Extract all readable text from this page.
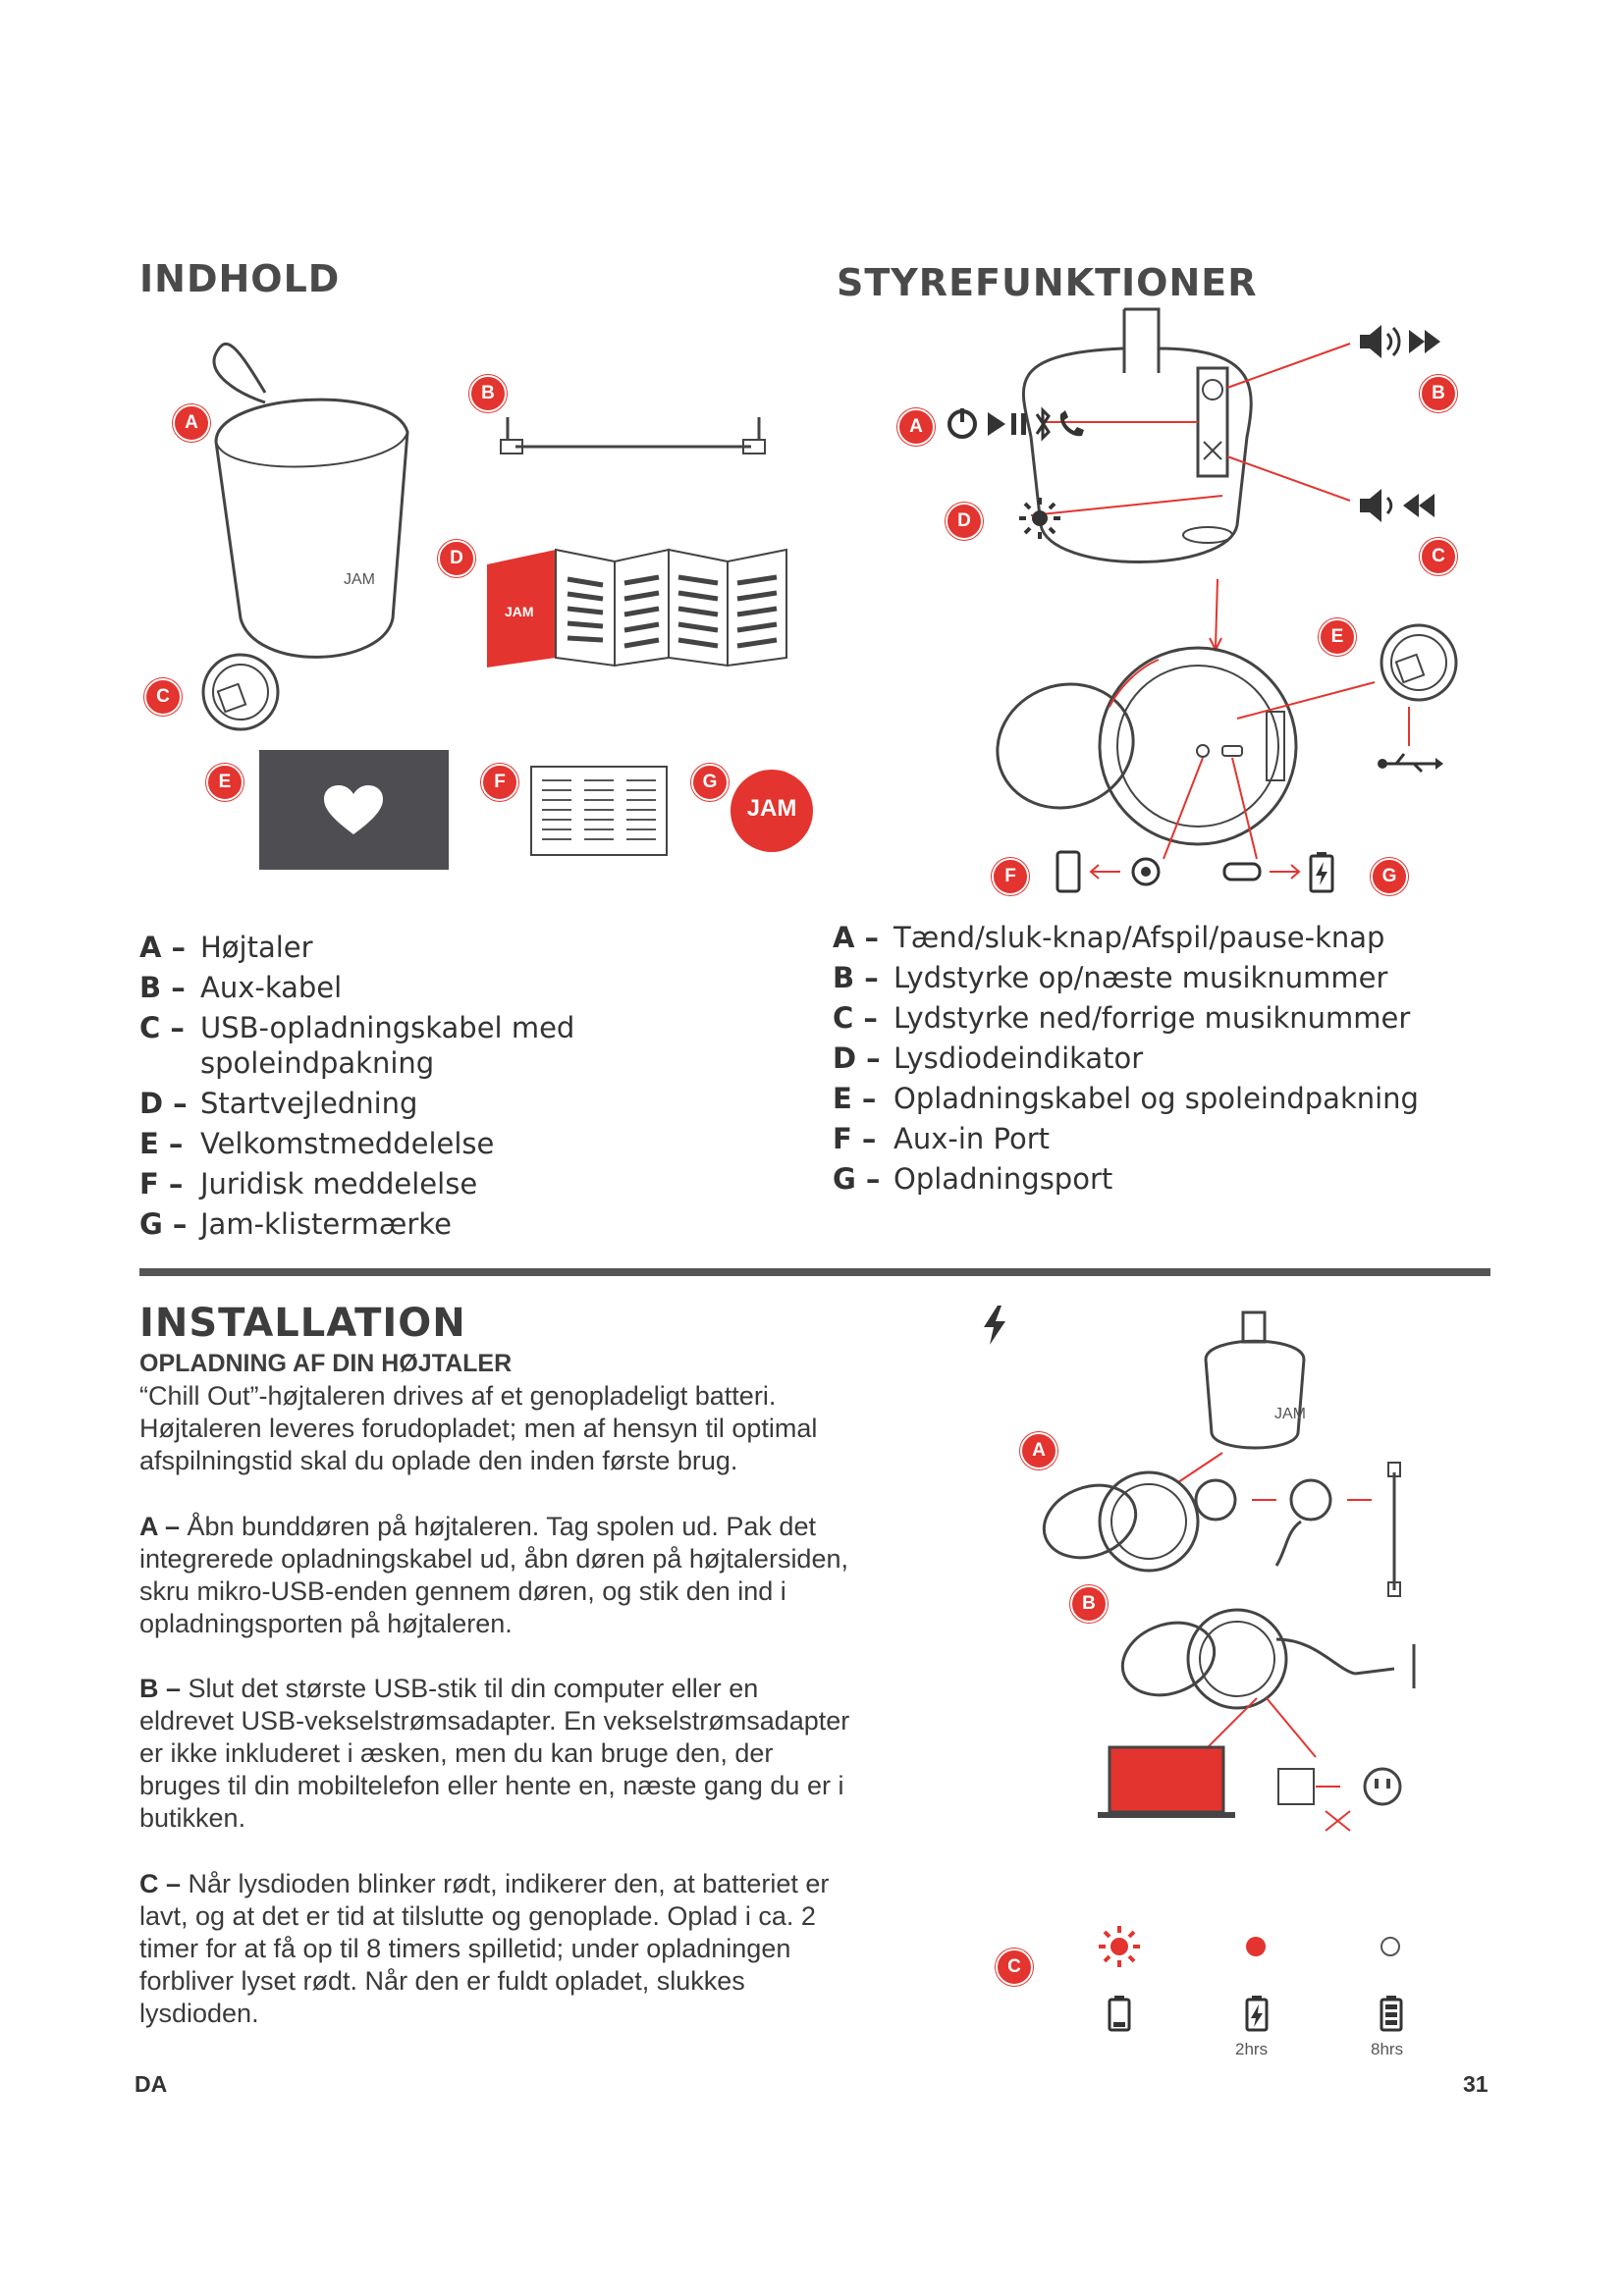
INDHOLD
JAM
A
B
JAM
D
C
E	F
JAM
G
A – Højtaler
B – Aux-kabel
C – USB-opladningskabel med
spoleindpakning
D – Startvejledning
E – Velkomstmeddelelse
F – Juridisk meddelelse
G – Jam-klistermærke
STYREFUNKTIONER
A
B
C
D
E
F	G
A – Tænd/sluk-knap/Afspil/pause-knap
B – Lydstyrke op/næste musiknummer
C – Lydstyrke ned/forrige musiknummer
D – Lysdiodeindikator
E – Opladningskabel og spoleindpakning
F – Aux-in Port
G – Opladningsport
INSTALLATION
OPLADNING AF DIN HØJTALER
“Chill Out”-højtaleren drives af et genopladeligt batteri.
Højtaleren leveres forudopladet; men af hensyn til optimal
afspilningstid skal du oplade den inden første brug.
A – Åbn bunddøren på højtaleren. Tag spolen ud. Pak det
integrerede opladningskabel ud, åbn døren på højtalersiden,
skru mikro-USB-enden gennem døren, og stik den ind i
opladningsporten på højtaleren.
B – Slut det største USB-stik til din computer eller en
eldrevet USB-vekselstrømsadapter. En vekselstrømsadapter
er ikke inkluderet i æsken, men du kan bruge den, der
bruges til din mobiltelefon eller hente en, næste gang du er i
butikken.
C – Når lysdioden blinker rødt, indikerer den, at batteriet er
lavt, og at det er tid at tilslutte og genoplade. Oplad i ca. 2
timer for at få op til 8 timers spilletid; under opladningen
forbliver lyset rødt. Når den er fuldt opladet, slukkes
lysdioden.
JAM
A
B
C
2hrs	8hrs
DA	31
